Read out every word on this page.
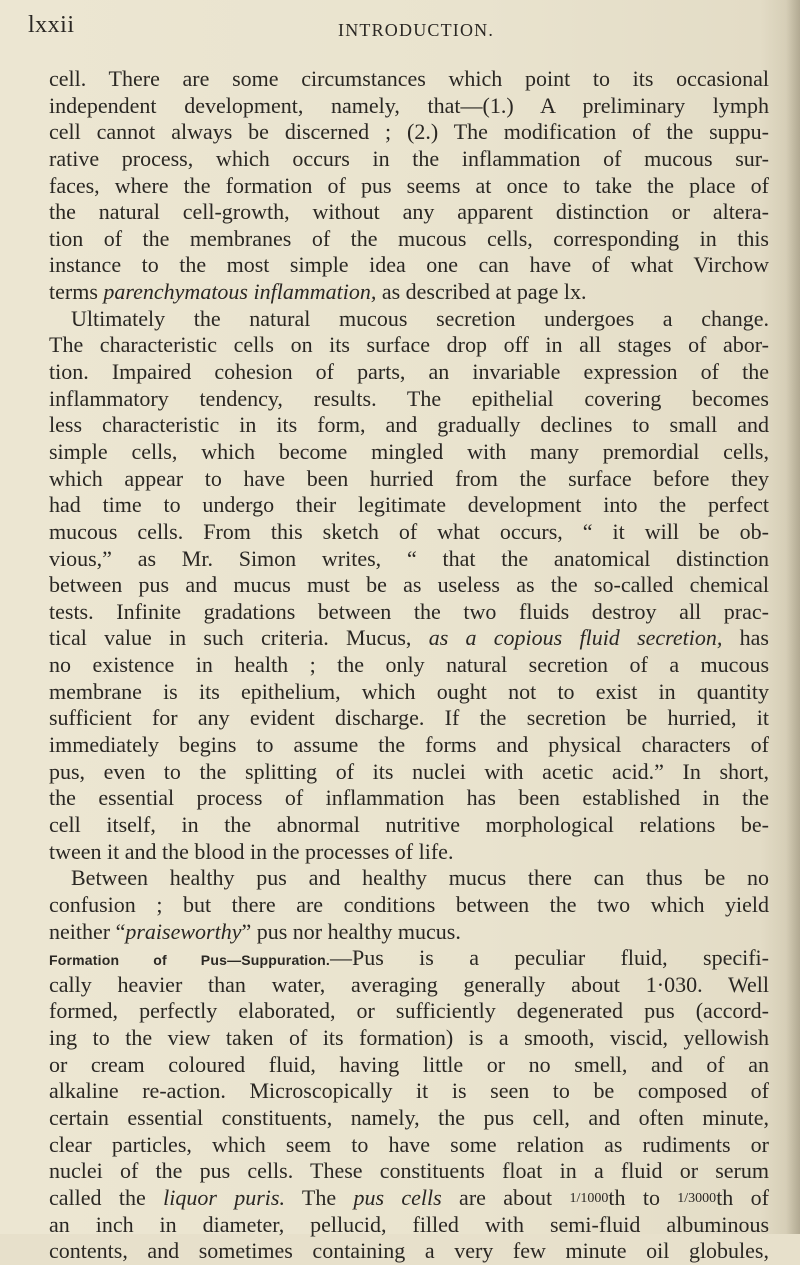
lxxii	INTRODUCTION.
cell. There are some circumstances which point to its occasional
independent development, namely, that—(1.) A preliminary lymph
cell cannot always be discerned ; (2.) The modification of the suppu-
rative process, which occurs in the inflammation of mucous sur-
faces, where the formation of pus seems at once to take the place of
the natural cell-growth, without any apparent distinction or altera-
tion of the membranes of the mucous cells, corresponding in this
instance to the most simple idea one can have of what Virchow
terms parenchymatous inflammation, as described at page lx.
Ultimately the natural mucous secretion undergoes a change.
The characteristic cells on its surface drop off in all stages of abor-
tion. Impaired cohesion of parts, an invariable expression of the
inflammatory tendency, results. The epithelial covering becomes
less characteristic in its form, and gradually declines to small and
simple cells, which become mingled with many premordial cells,
which appear to have been hurried from the surface before they
had time to undergo their legitimate development into the perfect
mucous cells. From this sketch of what occurs, “ it will be ob-
vious,” as Mr. Simon writes, “ that the anatomical distinction
between pus and mucus must be as useless as the so-called chemical
tests. Infinite gradations between the two fluids destroy all prac-
tical value in such criteria. Mucus, as a copious fluid secretion, has
no existence in health ; the only natural secretion of a mucous
membrane is its epithelium, which ought not to exist in quantity
sufficient for any evident discharge. If the secretion be hurried, it
immediately begins to assume the forms and physical characters of
pus, even to the splitting of its nuclei with acetic acid.” In short,
the essential process of inflammation has been established in the
cell itself, in the abnormal nutritive morphological relations be-
tween it and the blood in the processes of life.
Between healthy pus and healthy mucus there can thus be no
confusion ; but there are conditions between the two which yield
neither “praiseworthy” pus nor healthy mucus.
Formation of Pus—Suppuration.—Pus is a peculiar fluid, specifi-
cally heavier than water, averaging generally about 1·030. Well
formed, perfectly elaborated, or sufficiently degenerated pus (accord-
ing to the view taken of its formation) is a smooth, viscid, yellowish
or cream coloured fluid, having little or no smell, and of an
alkaline re-action. Microscopically it is seen to be composed of
certain essential constituents, namely, the pus cell, and often minute,
clear particles, which seem to have some relation as rudiments or
nuclei of the pus cells. These constituents float in a fluid or serum
called the liquor puris. The pus cells are about 1/1000th to 1/3000th of
an inch in diameter, pellucid, filled with semi-fluid albuminous
contents, and sometimes containing a very few minute oil globules,
